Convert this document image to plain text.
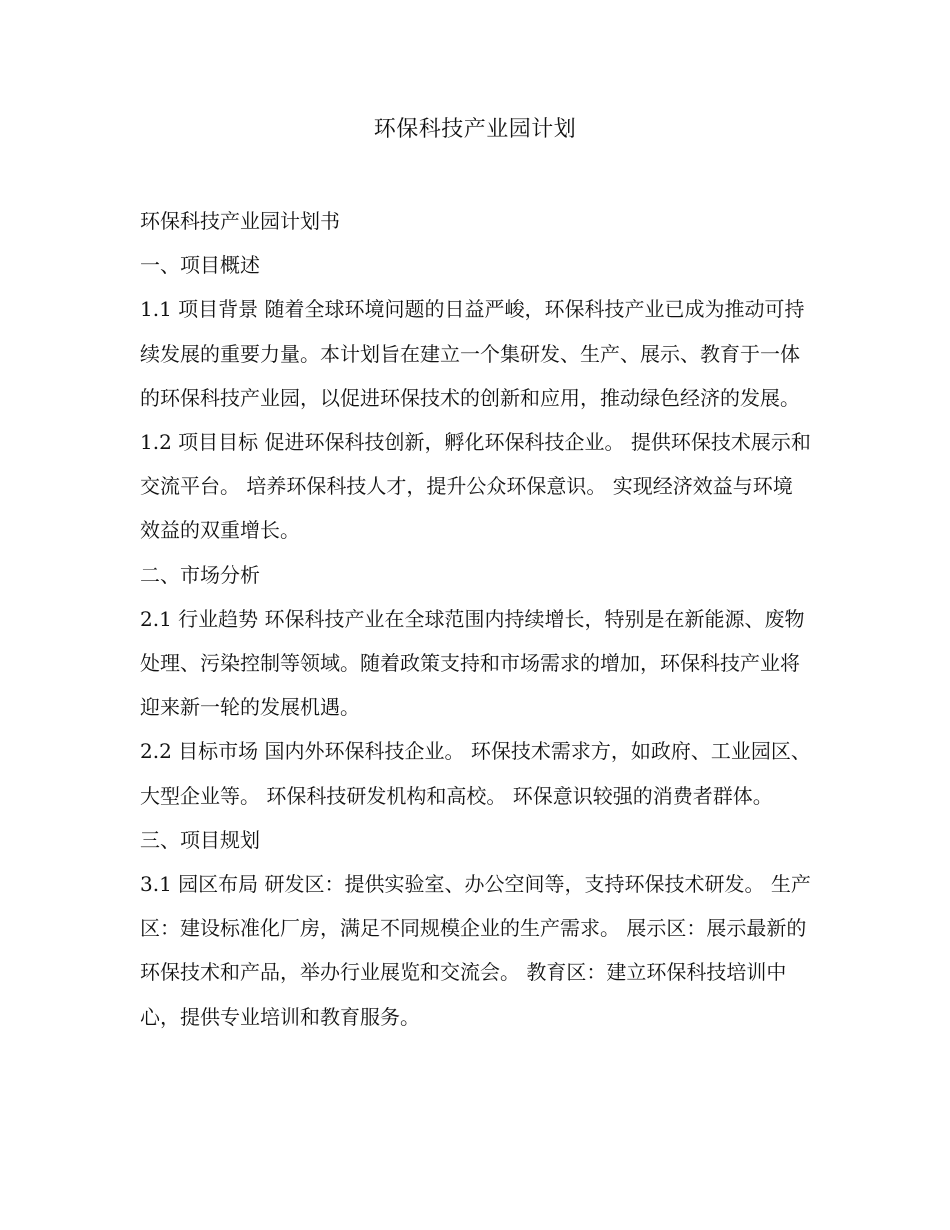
环保科技产业园计划

环保科技产业园计划书

一、项目概述

1.1 项目背景 随着全球环境问题的日益严峻，环保科技产业已成为推动可持续发展的重要力量。本计划旨在建立一个集研发、生产、展示、教育于一体的环保科技产业园，以促进环保技术的创新和应用，推动绿色经济的发展。

1.2 项目目标 促进环保科技创新，孵化环保科技企业。 提供环保技术展示和交流平台。 培养环保科技人才，提升公众环保意识。 实现经济效益与环境效益的双重增长。

二、市场分析

2.1 行业趋势 环保科技产业在全球范围内持续增长，特别是在新能源、废物处理、污染控制等领域。随着政策支持和市场需求的增加，环保科技产业将迎来新一轮的发展机遇。

2.2 目标市场 国内外环保科技企业。 环保技术需求方，如政府、工业园区、大型企业等。 环保科技研发机构和高校。 环保意识较强的消费者群体。

三、项目规划

3.1 园区布局 研发区：提供实验室、办公空间等，支持环保技术研发。 生产区：建设标准化厂房，满足不同规模企业的生产需求。 展示区：展示最新的环保技术和产品，举办行业展览和交流会。 教育区：建立环保科技培训中心，提供专业培训和教育服务。
